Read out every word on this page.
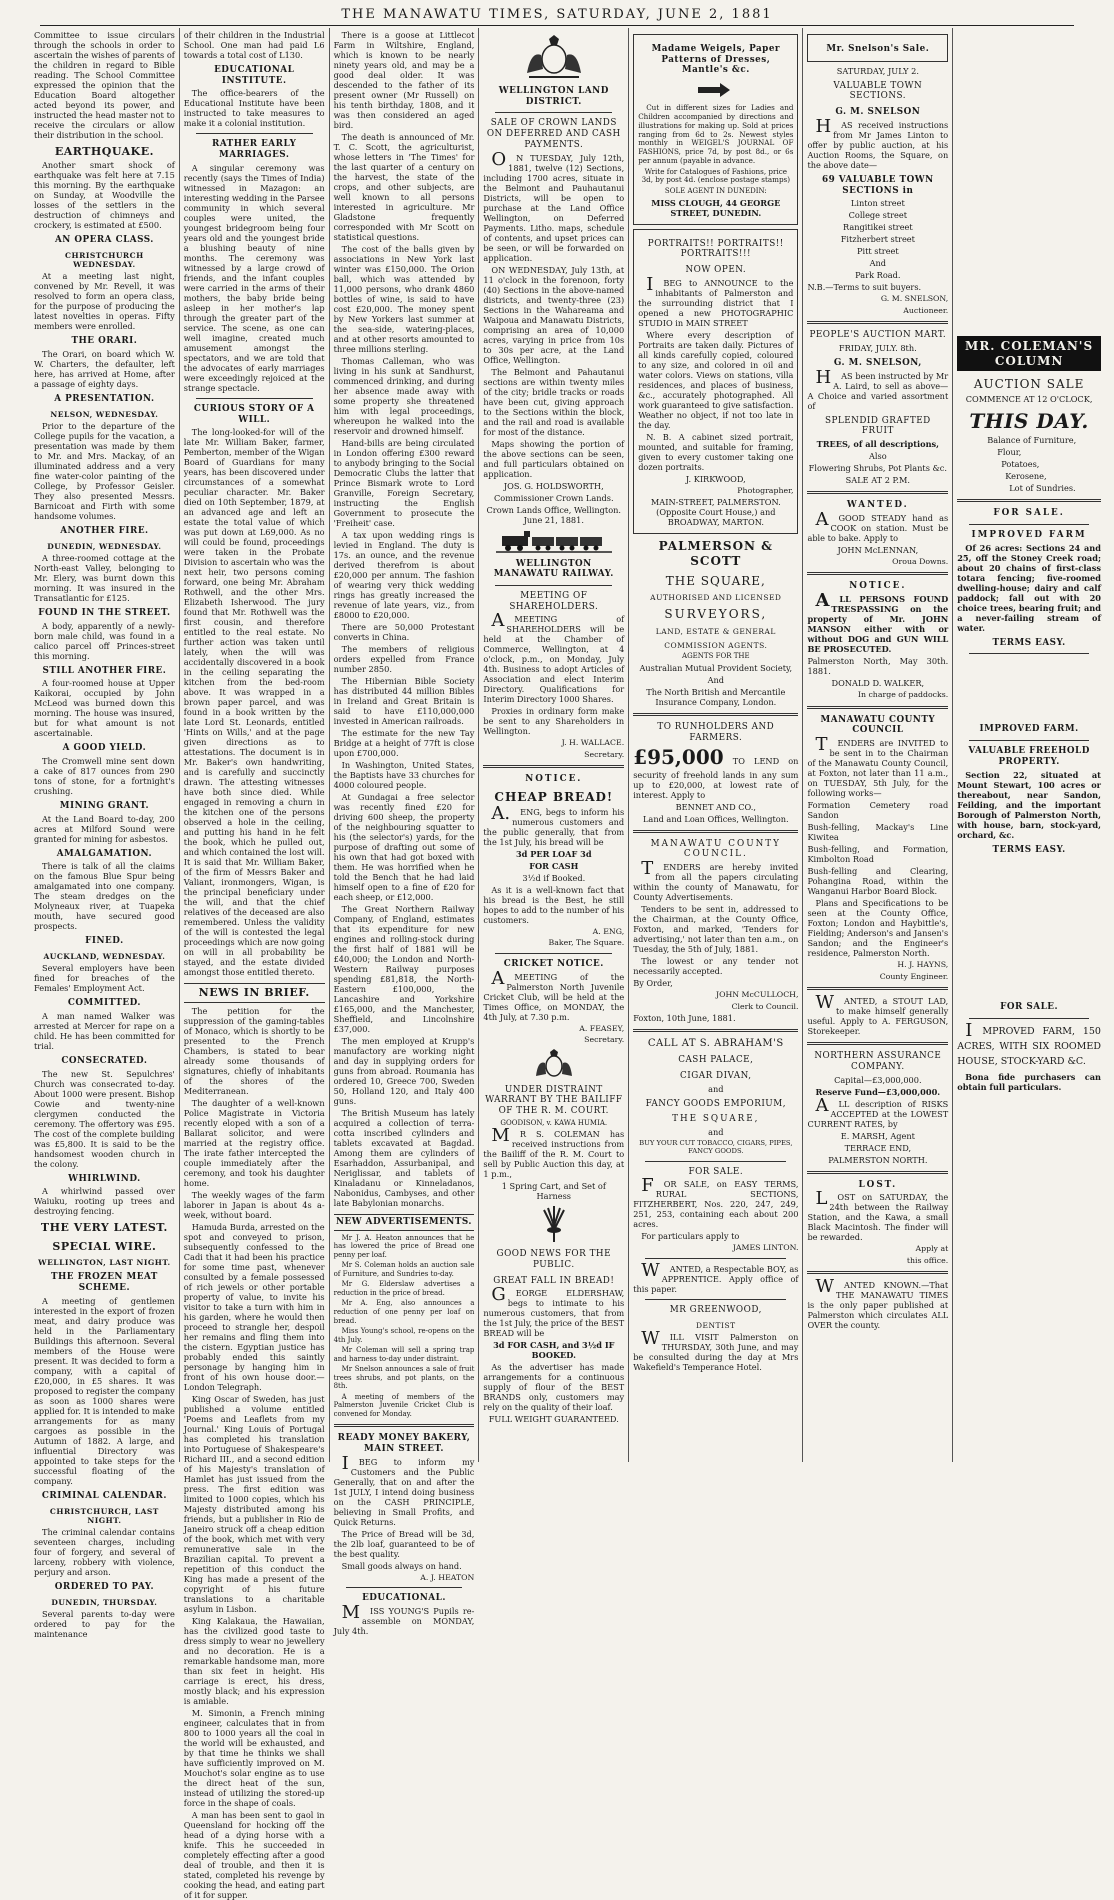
THE MANAWATU TIMES, SATURDAY, JUNE 2, 1881

Committee to issue circulars through the schools in order to ascertain the wishes of parents of the children in regard to Bible reading. The School Committee expressed the opinion that the Education Board altogether acted beyond its power, and instructed the head master not to receive the circulars or allow their distribution in the school.

EARTHQUAKE.

Another smart shock of earthquake was felt here at 7.15 this morning. By the earthquake on Sunday, at Woodville the losses of the settlers in the destruction of chimneys and crockery, is estimated at £500.

AN OPERA CLASS.
CHRISTCHURCH WEDNESDAY.

At a meeting last night, convened by Mr. Revell, it was resolved to form an opera class, for the purpose of producing the latest novelties in operas. Fifty members were enrolled.

THE ORARI.

The Orari, on board which W. W. Charters, the defaulter, left here, has arrived at Home, after a passage of eighty days.

A PRESENTATION.
NELSON, WEDNESDAY.

Prior to the departure of the College pupils for the vacation, a presentation was made by them to Mr. and Mrs. Mackay, of an illuminated address and a very fine water-color painting of the College, by Professor Geisler. They also presented Messrs. Barnicoat and Firth with some handsome volumes.

ANOTHER FIRE.
DUNEDIN, WEDNESDAY.

A three-roomed cottage at the North-east Valley, belonging to Mr. Elery, was burnt down this morning. It was insured in the Transatlantic for £125.

FOUND IN THE STREET.

A body, apparently of a newly-born male child, was found in a calico parcel off Princes-street this morning.

STILL ANOTHER FIRE.

A four-roomed house at Upper Kaikorai, occupied by John McLeod was burned down this morning. The house was insured, but for what amount is not ascertainable.

A GOOD YIELD.

The Cromwell mine sent down a cake of 817 ounces from 290 tons of stone, for a fortnight's crushing.

MINING GRANT.

At the Land Board to-day, 200 acres at Milford Sound were granted for mining for asbestos.

AMALGAMATION.

There is talk of all the claims on the famous Blue Spur being amalgamated into one company. The steam dredges on the Molyneaux river, at Tuapeka mouth, have secured good prospects.

FINED.
AUCKLAND, WEDNESDAY.

Several employers have been fined for breaches of the Females' Employment Act.

COMMITTED.

A man named Walker was arrested at Mercer for rape on a child. He has been committed for trial.

CONSECRATED.

The new St. Sepulchres' Church was consecrated to-day. About 1000 were present. Bishop Cowie and twenty-nine clergymen conducted the ceremony. The offertory was £95. The cost of the complete building was £5,800. It is said to be the handsomest wooden church in the colony.

WHIRLWIND.

A whirlwind passed over Waiuku, rooting up trees and destroying fencing.

THE VERY LATEST.
SPECIAL WIRE.
WELLINGTON, LAST NIGHT.
THE FROZEN MEAT SCHEME.

A meeting of gentlemen interested in the export of frozen meat, and dairy produce was held in the Parliamentary Buildings this afternoon. Several members of the House were present. It was decided to form a company, with a capital of £20,000, in £5 shares. It was proposed to register the company as soon as 1000 shares were applied for. It is intended to make arrangements for as many cargoes as possible in the Autumn of 1882. A large, and influential Directory was appointed to take steps for the successful floating of the company.

CRIMINAL CALENDAR.
CHRISTCHURCH, LAST NIGHT.

The criminal calendar contains seventeen charges, including four of forgery, and several of larceny, robbery with violence, perjury and arson.

ORDERED TO PAY.
DUNEDIN, THURSDAY.

Several parents to-day were ordered to pay for the maintenance

of their children in the Industrial School. One man had paid L6 towards a total cost of L130.

EDUCATIONAL INSTITUTE.

The office-bearers of the Educational Institute have been instructed to take measures to make it a colonial institution.

RATHER EARLY MARRIAGES.

A singular ceremony was recently (says the Times of India) witnessed in Mazagon: an interesting wedding in the Parsee community in which several couples were united, the youngest bridegroom being four years old and the youngest bride a blushing beauty of nine months. The ceremony was witnessed by a large crowd of friends, and the infant couples were carried in the arms of their mothers, the baby bride being asleep in her mother's lap through the greater part of the service. The scene, as one can well imagine, created much amusement amongst the spectators, and we are told that the advocates of early marriages were exceedingly rejoiced at the strange spectacle.

CURIOUS STORY OF A WILL.

The long-looked-for will of the late Mr. William Baker, farmer, Pemberton, member of the Wigan Board of Guardians for many years, has been discovered under circumstances of a somewhat peculiar character. Mr. Baker died on 10th September, 1879, at an advanced age and left an estate the total value of which was put down at L69,000. As no will could be found, proceedings were taken in the Probate Division to ascertain who was the next heir, two persons coming forward, one being Mr. Abraham Rothwell, and the other Mrs. Elizabeth Isherwood. The jury found that Mr. Rothwell was the first cousin, and therefore entitled to the real estate. No further action was taken until lately, when the will was accidentally discovered in a book in the ceiling separating the kitchen from the bed-room above. It was wrapped in a brown paper parcel, and was found in a book written by the late Lord St. Leonards, entitled 'Hints on Wills,' and at the page given directions as to attestations. The document is in Mr. Baker's own handwriting, and is carefully and succinctly drawn. The attesting witnesses have both since died. While engaged in removing a churn in the kitchen one of the persons observed a hole in the ceiling, and putting his hand in he felt the book, which he pulled out, and which contained the lost will. It is said that Mr. William Baker, of the firm of Messrs Baker and Valiant, ironmongers, Wigan, is the principal beneficiary under the will, and that the chief relatives of the deceased are also remembered. Unless the validity of the will is contested the legal proceedings which are now going on will in all probability be stayed, and the estate divided amongst those entitled thereto.

NEWS IN BRIEF.

The petition for the suppression of the gaming-tables of Monaco, which is shortly to be presented to the French Chambers, is stated to bear already some thousands of signatures, chiefly of inhabitants of the shores of the Mediterranean.

The daughter of a well-known Police Magistrate in Victoria recently eloped with a son of a Ballarat solicitor, and were married at the registry office. The irate father intercepted the couple immediately after the ceremony, and took his daughter home.

The weekly wages of the farm laborer in Japan is about 4s a-week, without board.

Hamuda Burda, arrested on the spot and conveyed to prison, subsequently confessed to the Cadi that it had been his practice for some time past, whenever consulted by a female possessed of rich jewels or other portable property of value, to invite his visitor to take a turn with him in his garden, where he would then proceed to strangle her, despoil her remains and fling them into the cistern. Egyptian justice has probably ended this saintly personage by hanging him in front of his own house door.—London Telegraph.

King Oscar of Sweden, has just published a volume entitled 'Poems and Leaflets from my Journal.' King Louis of Portugal has completed his translation into Portuguese of Shakespeare's Richard III., and a second edition of his Majesty's translation of Hamlet has just issued from the press. The first edition was limited to 1000 copies, which his Majesty distributed among his friends, but a publisher in Rio de Janeiro struck off a cheap edition of the book, which met with very remunerative sale in the Brazilian capital. To prevent a repetition of this conduct the King has made a present of the copyright of his future translations to a charitable asylum in Lisbon.

King Kalakaua, the Hawaiian, has the civilized good taste to dress simply to wear no jewellery and no decoration. He is a remarkable handsome man, more than six feet in height. His carriage is erect, his dress, mostly black; and his expression is amiable.

M. Simonin, a French mining engineer, calculates that in from 800 to 1000 years all the coal in the world will be exhausted, and by that time he thinks we shall have sufficiently improved on M. Mouchot's solar engine as to use the direct heat of the sun, instead of utilizing the stored-up force in the shape of coals.

A man has been sent to gaol in Queensland for hocking off the head of a dying horse with a knife. This he succeeded in completely effecting after a good deal of trouble, and then it is stated, completed his revenge by cooking the head, and eating part of it for supper.

There is a goose at Littlecot Farm in Wiltshire, England, which is known to be nearly ninety years old, and may be a good deal older. It was descended to the father of its present owner (Mr Russell) on his tenth birthday, 1808, and it was then considered an aged bird.

The death is announced of Mr. T. C. Scott, the agriculturist, whose letters in 'The Times' for the last quarter of a century on the harvest, the state of the crops, and other subjects, are well known to all persons interested in agriculture. Mr Gladstone frequently corresponded with Mr Scott on statistical questions.

The cost of the balls given by associations in New York last winter was £150,000. The Orion ball, which was attended by 11,000 persons, who drank 4860 bottles of wine, is said to have cost £20,000. The money spent by New Yorkers last summer at the sea-side, watering-places, and at other resorts amounted to three millions sterling.

Thomas Calleman, who was living in his sunk at Sandhurst, commenced drinking, and during her absence made away with some property she threatened him with legal proceedings, whereupon he walked into the reservoir and drowned himself.

Hand-bills are being circulated in London offering £300 reward to anybody bringing to the Social Democratic Clubs the latter that Prince Bismark wrote to Lord Granville, Foreign Secretary, instructing the English Government to prosecute the 'Freiheit' case.

A tax upon wedding rings is levied in England. The duty is 17s. an ounce, and the revenue derived therefrom is about £20,000 per annum. The fashion of wearing very thick wedding rings has greatly increased the revenue of late years, viz., from £8000 to £20,000.

There are 50,000 Protestant converts in China.

The members of religious orders expelled from France number 2850.

The Hibernian Bible Society has distributed 44 million Bibles in Ireland and Great Britain is said to have £110,000,000 invested in American railroads.

The estimate for the new Tay Bridge at a height of 77ft is close upon £700,000.

In Washington, United States, the Baptists have 33 churches for 4000 coloured people.

At Gundagai a free selector was recently fined £20 for driving 600 sheep, the property of the neighbouring squatter to his (the selector's) yards, for the purpose of drafting out some of his own that had got boxed with them. He was horrified when he told the Bench that he had laid himself open to a fine of £20 for each sheep, or £12,000.

The Great Northern Railway Company, of England, estimates that its expenditure for new engines and rolling-stock during the first half of 1881 will be £40,000; the London and North-Western Railway purposes spending £81,818, the North-Eastern £100,000, the Lancashire and Yorkshire £165,000, and the Manchester, Sheffield, and Lincolnshire £37,000.

The men employed at Krupp's manufactory are working night and day in supplying orders for guns from abroad. Roumania has ordered 10, Greece 700, Sweden 50, Holland 120, and Italy 400 guns.

The British Museum has lately acquired a collection of terra-cotta inscribed cylinders and tablets excavated at Bagdad. Among them are cylinders of Esarhaddon, Assurbanipal, and Neriglissar, and tablets of Kinaladanu or Kinneladanos, Nabonidus, Cambyses, and other late Babylonian monarchs.

NEW ADVERTISEMENTS.

Mr J. A. Heaton announces that he has lowered the price of Bread one penny per loaf.

Mr S. Coleman holds an auction sale of Furniture, and Sundries to-day.

Mr G. Elderslaw advertises a reduction in the price of bread.

Mr A. Eng, also announces a reduction of one penny per loaf on bread.

Miss Young's school, re-opens on the 4th July.

Mr Coleman will sell a spring trap and harness to-day under distraint.

Mr Snelson announces a sale of fruit trees shrubs, and pot plants, on the 8th.

A meeting of members of the Palmerston Juvenile Cricket Club is convened for Monday.

READY MONEY BAKERY, MAIN STREET.

IBEG to inform my Customers and the Public Generally, that on and after the 1st JULY, I intend doing business on the CASH PRINCIPLE, believing in Small Profits, and Quick Returns.

The Price of Bread will be 3d, the 2lb loaf, guaranteed to be of the best quality.

Small goods always on hand.

A. J. HEATON

EDUCATIONAL.

MISS YOUNG'S Pupils re-assemble on MONDAY, July 4th.

WELLINGTON LAND DISTRICT.
SALE OF CROWN LANDS ON DEFERRED AND CASH PAYMENTS.

ON TUESDAY, July 12th, 1881, twelve (12) Sections, including 1700 acres, situate in the Belmont and Pauhautanui Districts, will be open to purchase at the Land Office Wellington, on Deferred Payments. Litho. maps, schedule of contents, and upset prices can be seen, or will be forwarded on application.

ON WEDNESDAY, July 13th, at 11 o'clock in the forenoon, forty (40) Sections in the above-named districts, and twenty-three (23) Sections in the Wahareama and Waipoua and Manawatu Districts, comprising an area of 10,000 acres, varying in price from 10s to 30s per acre, at the Land Office, Wellington.

The Belmont and Pahautanui sections are within twenty miles of the city; bridle tracks or roads have been cut, giving approach to the Sections within the block, and the rail and road is available for most of the distance.

Maps showing the portion of the above sections can be seen, and full particulars obtained on application.

JOS. G. HOLDSWORTH,

Commissioner Crown Lands.

Crown Lands Office, Wellington. June 21, 1881.

WELLINGTON MANAWATU RAILWAY.
MEETING OF SHAREHOLDERS.

AMEETING of SHAREHOLDERS will be held at the Chamber of Commerce, Wellington, at 4 o'clock, p.m., on Monday, July 4th. Business to adopt Articles of Association and elect Interim Directory. Qualifications for Interim Directory 1000 Shares.

Proxies in ordinary form make be sent to any Shareholders in Wellington.

J. H. WALLACE.

Secretary.

NOTICE.
CHEAP BREAD!

A.ENG, begs to inform his numerous customers and the public generally, that from the 1st July, his bread will be

3d PER LOAF 3d

FOR CASH

3½d if Booked.

As it is a well-known fact that his bread is the Best, he still hopes to add to the number of his customers.

A. ENG,

Baker, The Square.

CRICKET NOTICE.

AMEETING of the Palmerston North Juvenile Cricket Club, will be held at the Times Office, on MONDAY, the 4th July, at 7.30 p.m.

A. FEASEY,

Secretary.

UNDER DISTRAINT WARRANT BY THE BAILIFF OF THE R. M. COURT.

GOODISON, v. KAWA HUMIA.

MR S. COLEMAN has received instructions from the Bailiff of the R. M. Court to sell by Public Auction this day, at 1 p.m.,

1 Spring Cart, and Set of Harness

GOOD NEWS FOR THE PUBLIC.
GREAT FALL IN BREAD!

GEORGE ELDERSHAW, begs to intimate to his numerous customers, that from the 1st July, the price of the BEST BREAD will be

3d FOR CASH, and 3½d IF BOOKED.

As the advertiser has made arrangements for a continuous supply of flour of the BEST BRANDS only, customers may rely on the quality of their loaf.

FULL WEIGHT GUARANTEED.

Madame Weigels, Paper Patterns of Dresses, Mantle's &c.

Cut in different sizes for Ladies and Children accompanied by directions and illustrations for making up. Sold at prices ranging from 6d to 2s. Newest styles monthly in WEIGEL'S JOURNAL OF FASHIONS, price 7d, by post 8d., or 6s per annum (payable in advance.

Write for Catalogues of Fashions, price 3d, by post 4d. (enclose postage stamps)

SOLE AGENT IN DUNEDIN:

MISS CLOUGH, 44 GEORGE STREET, DUNEDIN.

PORTRAITS!! PORTRAITS!! PORTRAITS!!!
NOW OPEN.

IBEG to ANNOUNCE to the inhabitants of Palmerston and the surrounding district that I opened a new PHOTOGRAPHIC STUDIO in MAIN STREET

Where every description of Portraits are taken daily. Pictures of all kinds carefully copied, coloured to any size, and colored in oil and water colors. Views on stations, villa residences, and places of business, &c., accurately photographed. All work guaranteed to give satisfaction. Weather no object, if not too late in the day.

N. B. A cabinet sized portrait, mounted, and suitable for framing, given to every customer taking one dozen portraits.

J. KIRKWOOD,

Photographer,

MAIN-STREET, PALMERSTON. (Opposite Court House,) and BROADWAY, MARTON.

PALMERSON & SCOTT
THE SQUARE,
AUTHORISED AND LICENSED
SURVEYORS,
LAND, ESTATE & GENERAL
COMMISSION AGENTS.

AGENTS FOR THE

Australian Mutual Provident Society,

And

The North British and Mercantile Insurance Company, London.

TO RUNHOLDERS AND FARMERS.

£95,000 TO LEND on security of freehold lands in any sum up to £20,000, at lowest rate of interest. Apply to

BENNET AND CO.,

Land and Loan Offices, Wellington.

MANAWATU COUNTY COUNCIL.

TENDERS are hereby invited from all the papers circulating within the county of Manawatu, for County Advertisements.

Tenders to be sent in, addressed to the Chairman, at the County Office, Foxton, and marked, 'Tenders for advertising,' not later than ten a.m., on Tuesday, the 5th of July, 1881.

The lowest or any tender not necessarily accepted.

By Order,

JOHN McCULLOCH,

Clerk to Council.

Foxton, 10th June, 1881.

CALL AT S. ABRAHAM'S
CASH PALACE,
CIGAR DIVAN,

and

FANCY GOODS EMPORIUM,
THE SQUARE,

and

BUY YOUR CUT TOBACCO, CIGARS, PIPES, FANCY GOODS.

FOR SALE.

FOR SALE, on EASY TERMS, RURAL SECTIONS, FITZHERBERT, Nos. 220, 247, 249, 251, 253, containing each about 200 acres.

For particulars apply to

JAMES LINTON.

WANTED, a Respectable BOY, as APPRENTICE. Apply office of this paper.

MR GREENWOOD,
DENTIST

WILL VISIT Palmerston on THURSDAY, 30th June, and may be consulted during the day at Mrs Wakefield's Temperance Hotel.

Mr. Snelson's Sale.

SATURDAY, JULY 2.

VALUABLE TOWN SECTIONS.
G. M. SNELSON

HAS received instructions from Mr James Linton to offer by public auction, at his Auction Rooms, the Square, on the above date—

69 VALUABLE TOWN SECTIONS in

Linton street

College street

Rangitikei street

Fitzherbert street

Pitt street

And

Park Road.

N.B.—Terms to suit buyers.

G. M. SNELSON,

Auctioneer.

PEOPLE'S AUCTION MART.

FRIDAY, JULY. 8th.

G. M. SNELSON,

HAS been instructed by Mr A. Laird, to sell as above— A Choice and varied assortment of

SPLENDID GRAFTED FRUIT

TREES, of all descriptions,

Also

Flowering Shrubs, Pot Plants &c.

SALE AT 2 P.M.

WANTED.

AGOOD STEADY hand as COOK on station. Must be able to bake. Apply to

JOHN McLENNAN,

Oroua Downs.

NOTICE.

ALL PERSONS FOUND TRESPASSING on the property of Mr. JOHN MANSON either with or without DOG and GUN WILL BE PROSECUTED.

Palmerston North, May 30th. 1881.

DONALD D. WALKER,

In charge of paddocks.

MANAWATU COUNTY COUNCIL

TENDERS are INVITED to be sent in to the Chairman of the Manawatu County Council, at Foxton, not later than 11 a.m., on TUESDAY, 5th July, for the following works—

Formation Cemetery road Sandon

Bush-felling, Mackay's Line Kiwitea

Bush-felling, and Formation, Kimbolton Road

Bush-felling and Clearing, Pohangina Road, within the Wanganui Harbor Board Block.

Plans and Specifications to be seen at the County Office, Foxton; London and Haybittle's, Fielding; Anderson's and Jansen's Sandon; and the Engineer's residence, Palmerston North.

H. J. HAYNS,

County Engineer.

WANTED, a STOUT LAD, to make himself generally useful. Apply to A. FERGUSON, Storekeeper.

NORTHERN ASSURANCE COMPANY.

Capital—£3,000,000.

Reserve Fund—£3,000,000.

ALL description of RISKS ACCEPTED at the LOWEST CURRENT RATES, by

E. MARSH, Agent

TERRACE END,

PALMERSTON NORTH.

LOST.

LOST on SATURDAY, the 24th between the Railway Station, and the Kawa, a small Black Macintosh. The finder will be rewarded.

Apply at

this office.

WANTED KNOWN.—That THE MANAWATU TIMES is the only paper published at Palmerston which circulates ALL OVER the county.

MR. COLEMAN'S COLUMN
AUCTION SALE

COMMENCE AT 12 O'CLOCK,

THIS DAY.

Balance of Furniture,

Flour,

Potatoes,

Kerosene,

Lot of Sundries.

FOR SALE.
IMPROVED FARM

Of 26 acres: Sections 24 and 25, off the Stoney Creek road; about 20 chains of first-class totara fencing; five-roomed dwelling-house; dairy and calf paddock; fall out with 20 choice trees, bearing fruit; and a never-failing stream of water.

TERMS EASY.
IMPROVED FARM.
VALUABLE FREEHOLD PROPERTY.

Section 22, situated at Mount Stewart, 100 acres or thereabout, near Sandon, Feilding, and the important Borough of Palmerston North, with house, barn, stock-yard, orchard, &c.

TERMS EASY.
FOR SALE.

IMPROVED FARM, 150 ACRES, WITH SIX ROOMED HOUSE, STOCK-YARD &C.

Bona fide purchasers can obtain full particulars.
